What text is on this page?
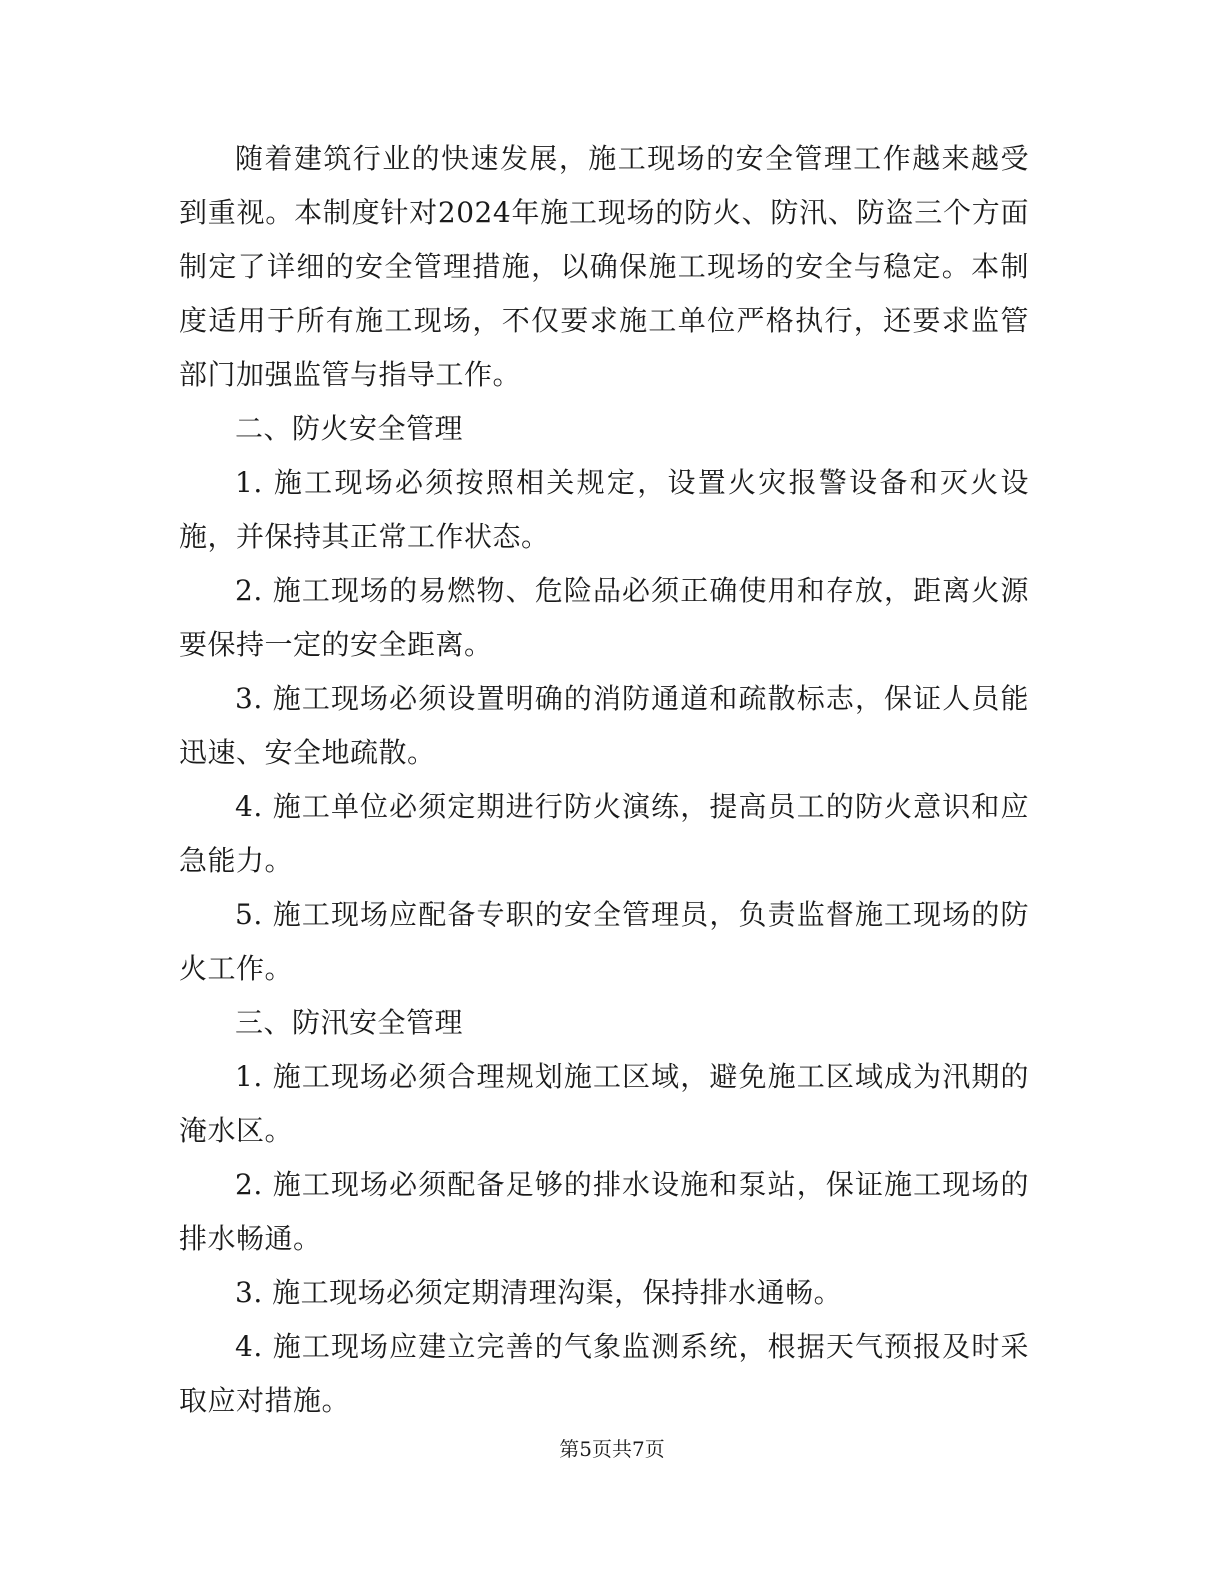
随着建筑行业的快速发展，施工现场的安全管理工作越来越受到重视。本制度针对2024年施工现场的防火、防汛、防盗三个方面制定了详细的安全管理措施，以确保施工现场的安全与稳定。本制度适用于所有施工现场，不仅要求施工单位严格执行，还要求监管部门加强监管与指导工作。

二、防火安全管理

1. 施工现场必须按照相关规定，设置火灾报警设备和灭火设施，并保持其正常工作状态。

2. 施工现场的易燃物、危险品必须正确使用和存放，距离火源要保持一定的安全距离。

3. 施工现场必须设置明确的消防通道和疏散标志，保证人员能迅速、安全地疏散。

4. 施工单位必须定期进行防火演练，提高员工的防火意识和应急能力。

5. 施工现场应配备专职的安全管理员，负责监督施工现场的防火工作。

三、防汛安全管理

1. 施工现场必须合理规划施工区域，避免施工区域成为汛期的淹水区。

2. 施工现场必须配备足够的排水设施和泵站，保证施工现场的排水畅通。

3. 施工现场必须定期清理沟渠，保持排水通畅。

4. 施工现场应建立完善的气象监测系统，根据天气预报及时采取应对措施。

第5页共7页
